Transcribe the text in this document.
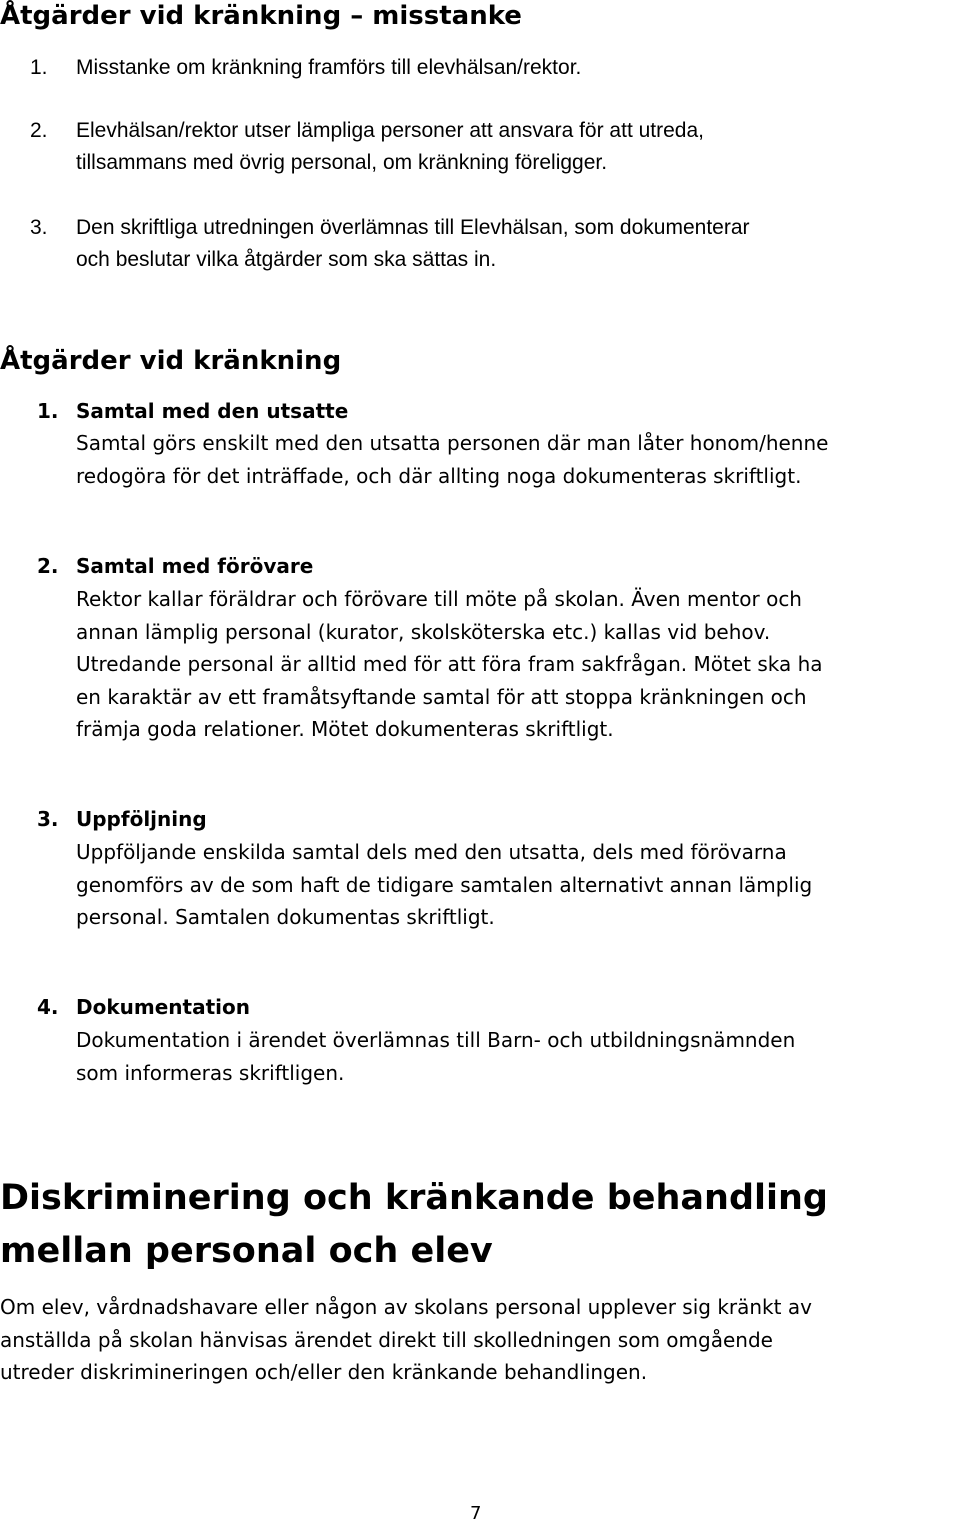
Åtgärder vid kränkning – misstanke
1. Misstanke om kränkning framförs till elevhälsan/rektor.
2. Elevhälsan/rektor utser lämpliga personer att ansvara för att utreda,
tillsammans med övrig personal, om kränkning föreligger.
3. Den skriftliga utredningen överlämnas till Elevhälsan, som dokumenterar
och beslutar vilka åtgärder som ska sättas in.
Åtgärder vid kränkning
1. Samtal med den utsatte
Samtal görs enskilt med den utsatta personen där man låter honom/henne
redogöra för det inträffade, och där allting noga dokumenteras skriftligt.
2. Samtal med förövare
Rektor kallar föräldrar och förövare till möte på skolan. Även mentor och
annan lämplig personal (kurator, skolsköterska etc.) kallas vid behov.
Utredande personal är alltid med för att föra fram sakfrågan. Mötet ska ha
en karaktär av ett framåtsyftande samtal för att stoppa kränkningen och
främja goda relationer. Mötet dokumenteras skriftligt.
3. Uppföljning
Uppföljande enskilda samtal dels med den utsatta, dels med förövarna
genomförs av de som haft de tidigare samtalen alternativt annan lämplig
personal. Samtalen dokumentas skriftligt.
4. Dokumentation
Dokumentation i ärendet överlämnas till Barn- och utbildningsnämnden
som informeras skriftligen.
Diskriminering och kränkande behandling
mellan personal och elev

Om elev, vårdnadshavare eller någon av skolans personal upplever sig kränkt av
anställda på skolan hänvisas ärendet direkt till skolledningen som omgående
utreder diskrimineringen och/eller den kränkande behandlingen.

7
